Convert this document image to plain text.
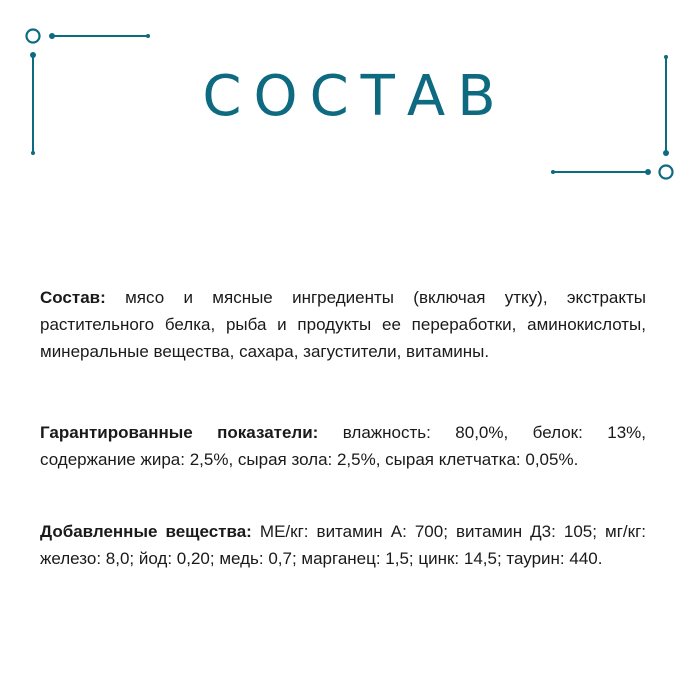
СОСТАВ

Состав: мясо и мясные ингредиенты (включая утку), экстракты растительного белка, рыба и продукты ее переработки, аминокислоты, минеральные вещества, сахара, загустители, витамины.

Гарантированные показатели: влажность: 80,0%, белок: 13%, содержание жира: 2,5%, сырая зола: 2,5%, сырая клетчатка: 0,05%.

Добавленные вещества: МЕ/кг: витамин А: 700; витамин Д3: 105; мг/кг: железо: 8,0; йод: 0,20; медь: 0,7; марганец: 1,5; цинк: 14,5; таурин: 440.
